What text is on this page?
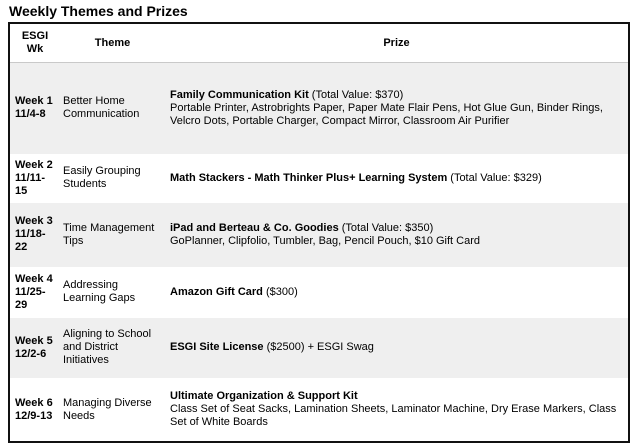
Weekly Themes and Prizes
ESGI Wk	Theme	Prize
Week 1
11/4-8	Better Home Communication	Family Communication Kit (Total Value: $370)
Portable Printer, Astrobrights Paper, Paper Mate Flair Pens, Hot Glue Gun, Binder Rings, Velcro Dots, Portable Charger, Compact Mirror, Classroom Air Purifier

Week 2
11/11-15	Easily Grouping Students	Math Stackers - Math Thinker Plus+ Learning System (Total Value: $329)
Week 3
11/18-22	Time Management Tips	iPad and Berteau & Co. Goodies (Total Value: $350)
GoPlanner, Clipfolio, Tumbler, Bag, Pencil Pouch, $10 Gift Card

Week 4
11/25-29	Addressing Learning Gaps	Amazon Gift Card ($300)
Week 5
12/2-6	Aligning to School and District Initiatives	ESGI Site License ($2500) + ESGI Swag
Week 6
12/9-13	Managing Diverse Needs	Ultimate Organization & Support Kit
Class Set of Seat Sacks, Lamination Sheets, Laminator Machine, Dry Erase Markers, Class Set of White Boards
